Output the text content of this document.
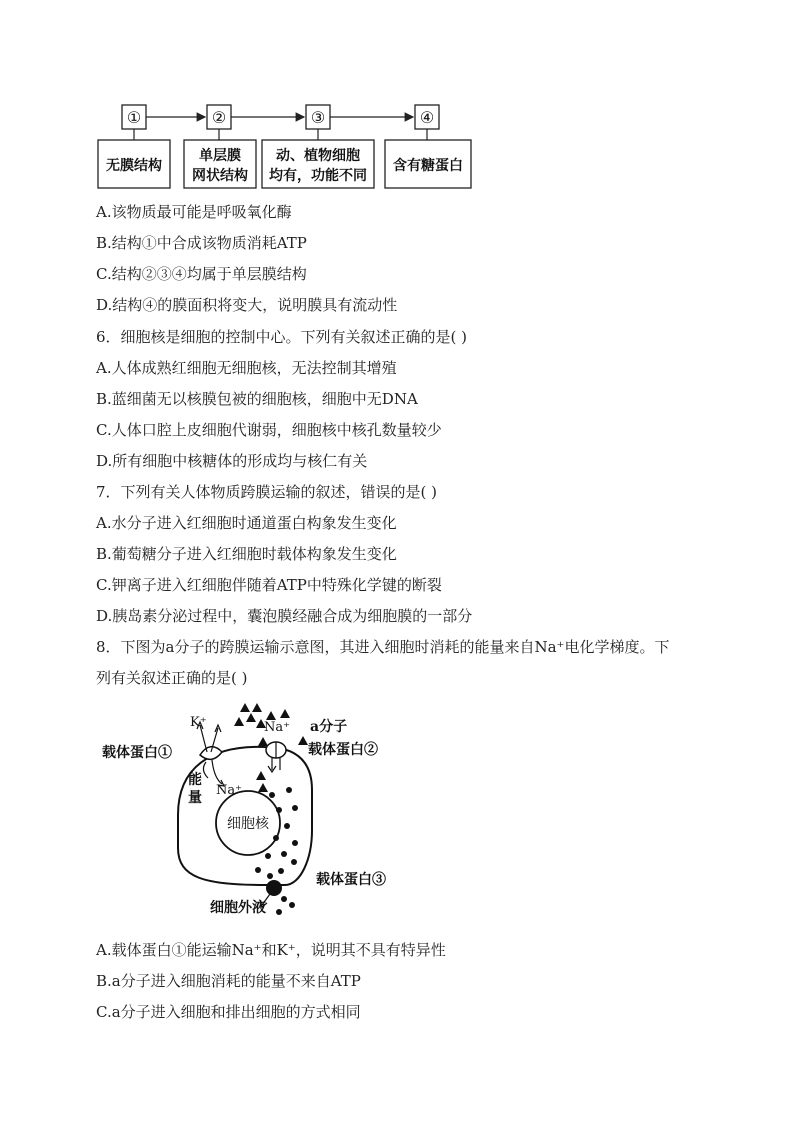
①	②	③	④
无膜结构
单层膜
网状结构
动、植物细胞
均有，功能不同
含有糖蛋白
A.该物质最可能是呼吸氧化酶
B.结构①中合成该物质消耗ATP
C.结构②③④均属于单层膜结构
D.结构④的膜面积将变大，说明膜具有流动性
6．细胞核是细胞的控制中心。下列有关叙述正确的是( )
A.人体成熟红细胞无细胞核，无法控制其增殖
B.蓝细菌无以核膜包被的细胞核，细胞中无DNA
C.人体口腔上皮细胞代谢弱，细胞核中核孔数量较少
D.所有细胞中核糖体的形成均与核仁有关
7．下列有关人体物质跨膜运输的叙述，错误的是( )
A.水分子进入红细胞时通道蛋白构象发生变化
B.葡萄糖分子进入红细胞时载体构象发生变化
C.钾离子进入红细胞伴随着ATP中特殊化学键的断裂
D.胰岛素分泌过程中，囊泡膜经融合成为细胞膜的一部分
8．下图为a分子的跨膜运输示意图，其进入细胞时消耗的能量来自Na⁺电化学梯度。下
列有关叙述正确的是( )
细胞核
K⁺
载体蛋白①
能
量 Na⁺
Na⁺ a分子
载体蛋白②
载体蛋白③
细胞外液
A.载体蛋白①能运输Na⁺和K⁺，说明其不具有特异性
B.a分子进入细胞消耗的能量不来自ATP
C.a分子进入细胞和排出细胞的方式相同
